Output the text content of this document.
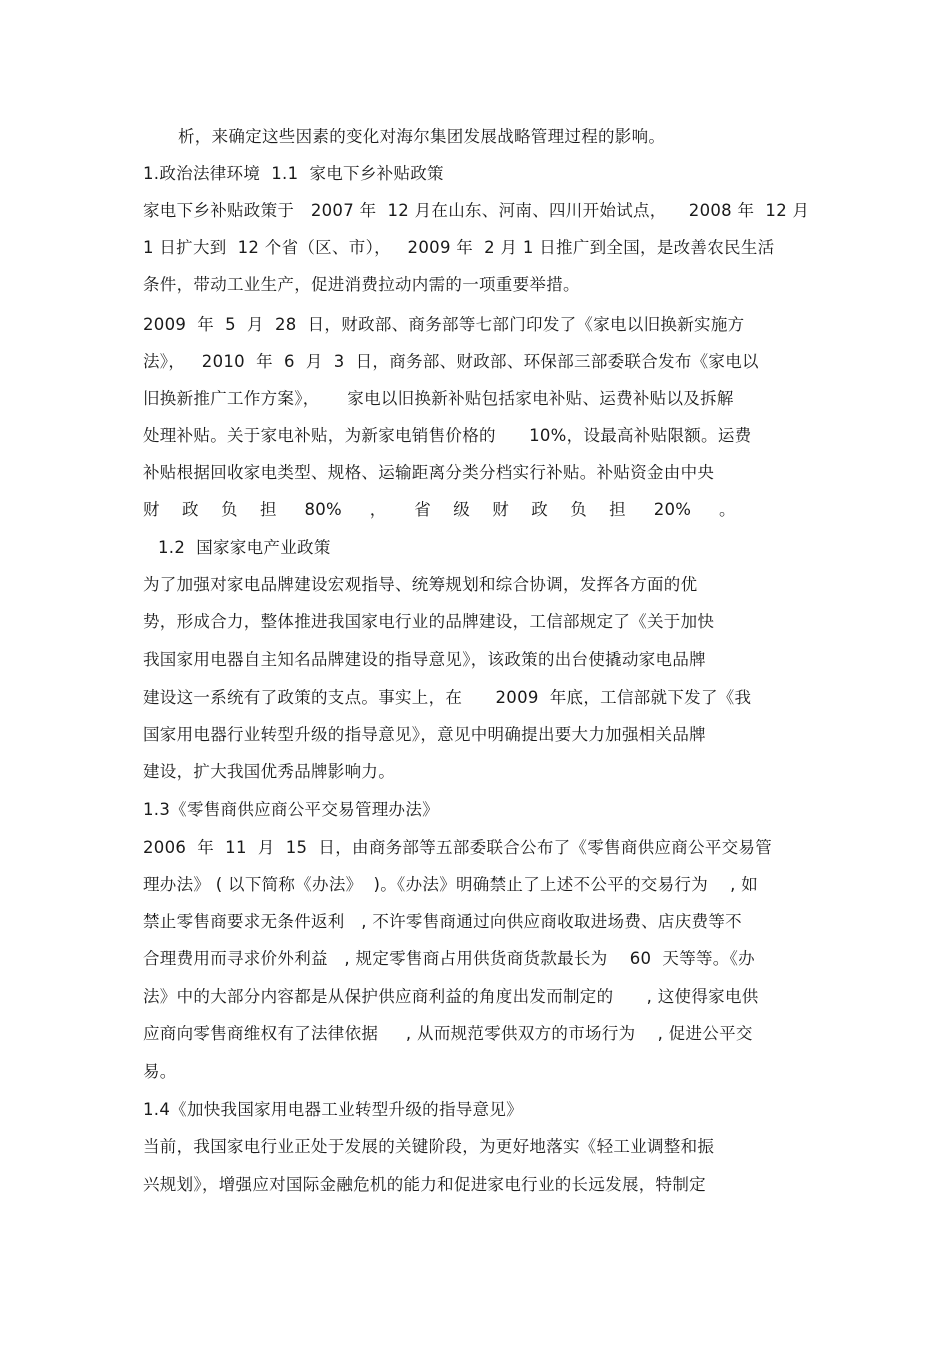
析，来确定这些因素的变化对海尔集团发展战略管理过程的影响。
1.政治法律环境  1.1  家电下乡补贴政策
家电下乡补贴政策于   2007 年  12 月在山东、河南、四川开始试点，    2008 年  12 月
1 日扩大到  12 个省（区、市），   2009 年  2 月 1 日推广到全国，是改善农民生活
条件，带动工业生产，促进消费拉动内需的一项重要举措。
2009  年  5  月  28  日，财政部、商务部等七部门印发了《家电以旧换新实施方
法》，   2010  年  6  月  3  日，商务部、财政部、环保部三部委联合发布《家电以
旧换新推广工作方案》，     家电以旧换新补贴包括家电补贴、运费补贴以及拆解
处理补贴。关于家电补贴，为新家电销售价格的      10%，设最高补贴限额。运费
补贴根据回收家电类型、规格、运输距离分类分档实行补贴。补贴资金由中央
财    政    负    担     80%     ，     省    级    财    政    负    担     20%     。
1.2  国家家电产业政策
为了加强对家电品牌建设宏观指导、统筹规划和综合协调，发挥各方面的优
势，形成合力，整体推进我国家电行业的品牌建设，工信部规定了《关于加快
我国家用电器自主知名品牌建设的指导意见》，该政策的出台使撬动家电品牌
建设这一系统有了政策的支点。事实上，在      2009  年底，工信部就下发了《我
国家用电器行业转型升级的指导意见》，意见中明确提出要大力加强相关品牌
建设，扩大我国优秀品牌影响力。
1.3《零售商供应商公平交易管理办法》
2006  年  11  月  15  日，由商务部等五部委联合公布了《零售商供应商公平交易管
理办法》 ( 以下简称《办法》  )。《办法》明确禁止了上述不公平的交易行为    , 如
禁止零售商要求无条件返利   , 不许零售商通过向供应商收取进场费、店庆费等不
合理费用而寻求价外利益   , 规定零售商占用供货商货款最长为    60  天等等。《办
法》中的大部分内容都是从保护供应商利益的角度出发而制定的      , 这使得家电供
应商向零售商维权有了法律依据     , 从而规范零供双方的市场行为    , 促进公平交
易。
1.4《加快我国家用电器工业转型升级的指导意见》
当前，我国家电行业正处于发展的关键阶段，为更好地落实《轻工业调整和振
兴规划》，增强应对国际金融危机的能力和促进家电行业的长远发展，特制定
